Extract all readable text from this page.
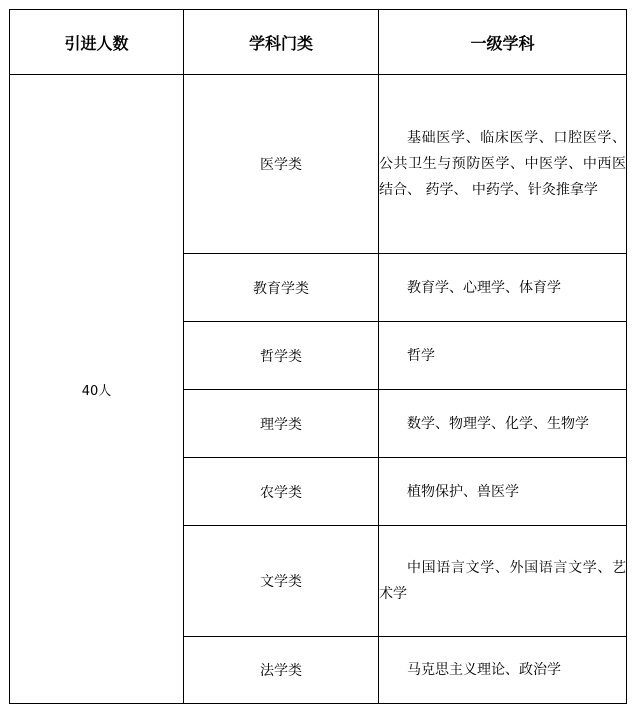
引进人数	学科门类	一级学科
40人	医学类	基础医学、临床医学、口腔医学、公共卫生与预防医学、中医学、中西医结合、 药学、 中药学、针灸推拿学
	教育学类	教育学、心理学、体育学
	哲学类	哲学
	理学类	数学、物理学、化学、生物学
	农学类	植物保护、兽医学
	文学类	中国语言文学、外国语言文学、艺术学
	法学类	马克思主义理论、政治学
